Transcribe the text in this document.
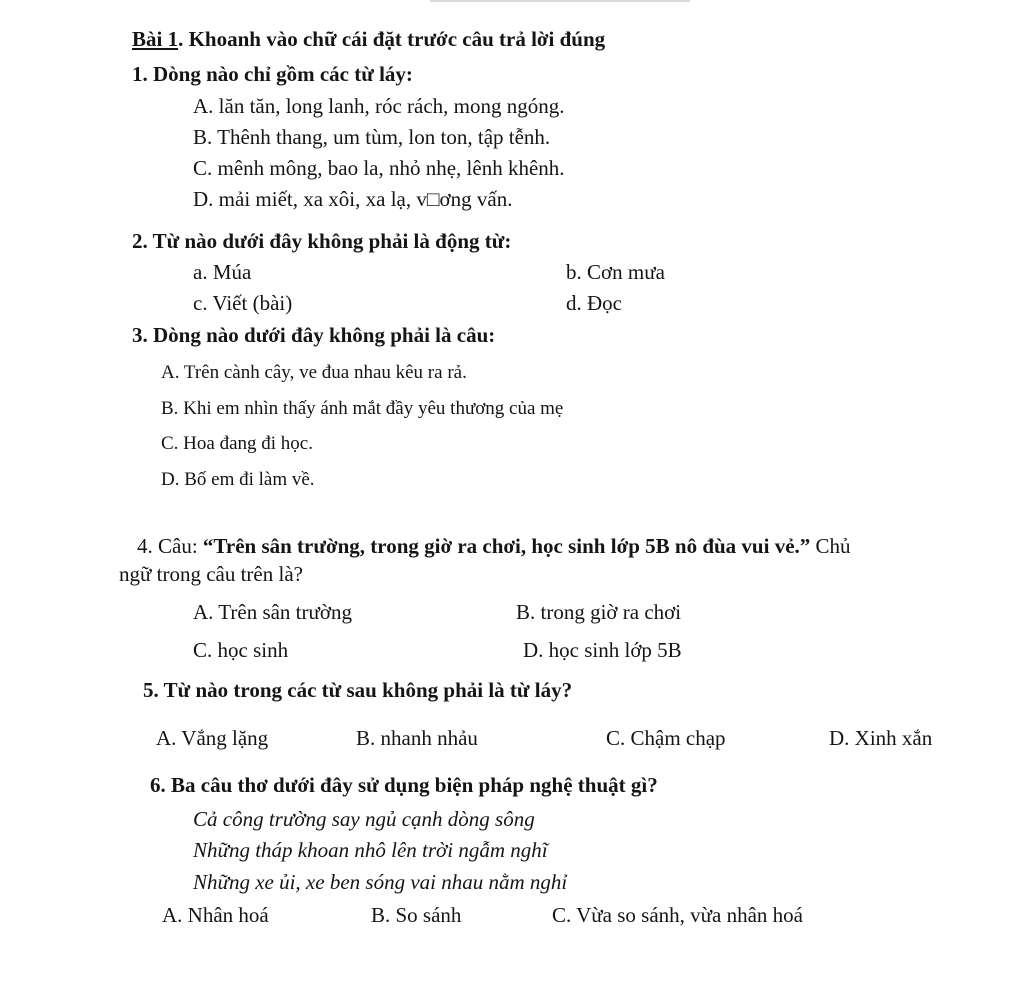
Bài 1. Khoanh vào chữ cái đặt trước câu trả lời đúng
1. Dòng nào chỉ gồm các từ láy:
A. lăn tăn, long lanh, róc rách, mong ngóng.
B. Thênh thang, um tùm, lon ton, tập tễnh.
C. mênh mông, bao la, nhỏ nhẹ, lênh khênh.
D. mải miết, xa xôi, xa lạ, v□ơng vấn.
2. Từ nào dưới đây không phải là động từ:
a. Múa	b. Cơn mưa
c. Viết (bài)	d. Đọc
3. Dòng nào dưới đây không phải là câu:
A. Trên cành cây, ve đua nhau kêu ra rả.
B. Khi em nhìn thấy ánh mắt đầy yêu thương của mẹ
C. Hoa đang đi học.
D. Bố em đi làm về.
4. Câu: “Trên sân trường, trong giờ ra chơi, học sinh lớp 5B nô đùa vui vẻ.” Chủ
ngữ trong câu trên là?
A. Trên sân trường	B. trong giờ ra chơi
C. học sinh	D. học sinh lớp 5B
5. Từ nào trong các từ sau không phải là từ láy?
A. Vắng lặng	B. nhanh nhảu	C. Chậm chạp	D. Xinh xắn
6. Ba câu thơ dưới đây sử dụng biện pháp nghệ thuật gì?
Cả công trường say ngủ cạnh dòng sông
Những tháp khoan nhô lên trời ngẫm nghĩ
Những xe ủi, xe ben sóng vai nhau nằm nghỉ
A. Nhân hoá	B. So sánh	C. Vừa so sánh, vừa nhân hoá
